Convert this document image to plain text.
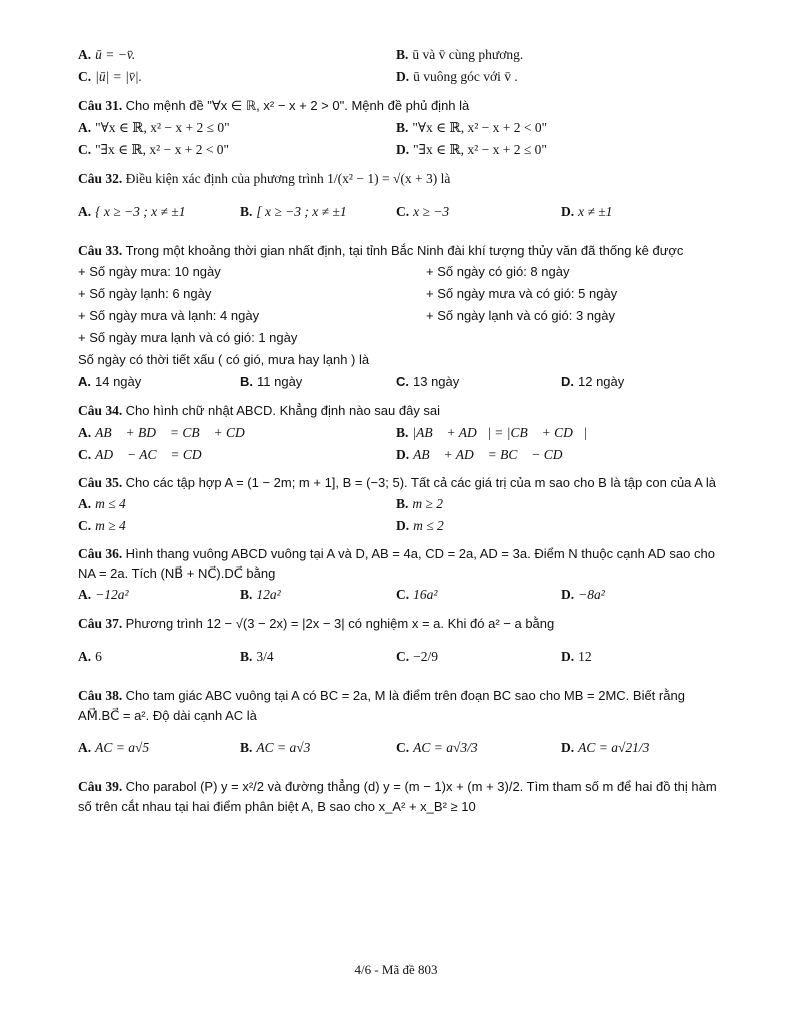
A. ū = −v̄.	B. ū và v̄ cùng phương.
C. |ū| = |v̄|.	D. ū vuông góc với v̄ .
Câu 31. Cho mệnh đề "∀x ∈ ℝ, x² − x + 2 > 0". Mệnh đề phủ định là
A. "∀x ∈ ℝ, x² − x + 2 ≤ 0"	B. "∀x ∈ ℝ, x² − x + 2 < 0"
C. "∃x ∈ ℝ, x² − x + 2 < 0"	D. "∃x ∈ ℝ, x² − x + 2 ≤ 0"
Câu 32. Điều kiện xác định của phương trình 1/(x² − 1) = √(x + 3) là
A. { x ≥ −3 ; x ≠ ±1	B. [ x ≥ −3 ; x ≠ ±1	C. x ≥ −3	D. x ≠ ±1
Câu 33. Trong một khoảng thời gian nhất định, tại tỉnh Bắc Ninh đài khí tượng thủy văn đã thống kê được
+ Số ngày mưa: 10 ngày	+ Số ngày có gió: 8 ngày
+ Số ngày lạnh: 6 ngày	+ Số ngày mưa và có gió: 5 ngày
+ Số ngày mưa và lạnh: 4 ngày	+ Số ngày lạnh và có gió: 3 ngày
+ Số ngày mưa lạnh và có gió: 1 ngày
Số ngày có thời tiết xấu ( có gió, mưa hay lạnh ) là
A. 14 ngày	B. 11 ngày	C. 13 ngày	D. 12 ngày
Câu 34. Cho hình chữ nhật ABCD. Khẳng định nào sau đây sai
A. AB⃗ + BD⃗ = CB⃗ + CD⃗	B. |AB⃗ + AD⃗| = |CB⃗ + CD⃗|
C. AD⃗ − AC⃗ = CD⃗	D. AB⃗ + AD⃗ = BC⃗ − CD⃗
Câu 35. Cho các tập hợp A = (1 − 2m; m + 1], B = (−3; 5). Tất cả các giá trị của m sao cho B là tập con của A là
A. m ≤ 4	B. m ≥ 2
C. m ≥ 4	D. m ≤ 2
Câu 36. Hình thang vuông ABCD vuông tại A và D, AB = 4a, CD = 2a, AD = 3a. Điểm N thuộc cạnh AD sao cho NA = 2a. Tích (NB⃗ + NC⃗).DC⃗ bằng
A. −12a²	B. 12a²	C. 16a²	D. −8a²
Câu 37. Phương trình 12 − √(3 − 2x) = |2x − 3| có nghiệm x = a. Khi đó a² − a bằng
A. 6	B. 3/4	C. −2/9	D. 12
Câu 38. Cho tam giác ABC vuông tại A có BC = 2a, M là điểm trên đoạn BC sao cho MB = 2MC. Biết rằng AM⃗.BC⃗ = a². Độ dài cạnh AC là
A. AC = a√5	B. AC = a√3	C. AC = a√3/3	D. AC = a√21/3
Câu 39. Cho parabol (P) y = x²/2 và đường thẳng (d) y = (m − 1)x + (m + 3)/2. Tìm tham số m để hai đồ thị hàm số trên cắt nhau tại hai điểm phân biệt A, B sao cho x_A² + x_B² ≥ 10
4/6 - Mã đề 803
